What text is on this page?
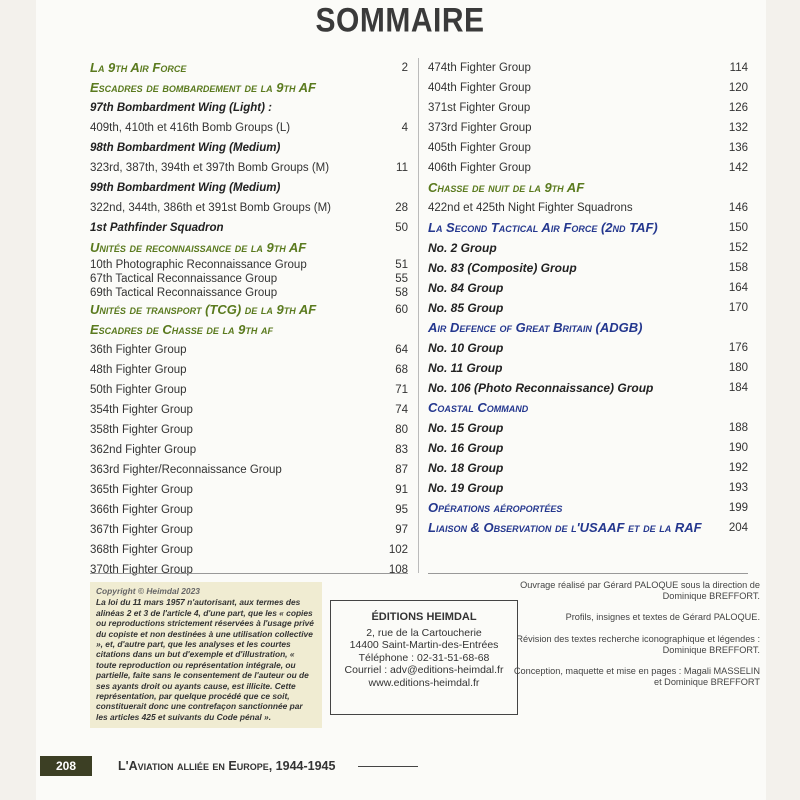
SOMMAIRE
La 9th Air Force	2
Escadres de bombardement de la 9th AF
97th Bombardment Wing (Light) :
409th, 410th et 416th Bomb Groups (L)	4
98th Bombardment Wing (Medium)
323rd, 387th, 394th et 397th Bomb Groups (M)	11
99th Bombardment Wing (Medium)
322nd, 344th, 386th et 391st Bomb Groups (M)	28
1st Pathfinder Squadron	50
Unités de reconnaissance de la 9th AF
10th Photographic Reconnaissance Group	51
67th Tactical Reconnaissance Group	55
69th Tactical Reconnaissance Group	58
Unités de transport (TCG) de la 9th AF	60
Escadres de Chasse de la 9th af
36th Fighter Group	64
48th Fighter Group	68
50th Fighter Group	71
354th Fighter Group	74
358th Fighter Group	80
362nd Fighter Group	83
363rd Fighter/Reconnaissance Group	87
365th Fighter Group	91
366th Fighter Group	95
367th Fighter Group	97
368th Fighter Group	102
370th Fighter Group	108
474th Fighter Group	114
404th Fighter Group	120
371st Fighter Group	126
373rd Fighter Group	132
405th Fighter Group	136
406th Fighter Group	142
Chasse de nuit de la 9th AF
422nd et 425th Night Fighter Squadrons	146
La Second Tactical Air Force (2nd TAF)	150
No. 2 Group	152
No. 83 (Composite) Group	158
No. 84 Group	164
No. 85 Group	170
Air Defence of Great Britain (ADGB)
No. 10 Group	176
No. 11 Group	180
No. 106 (Photo Reconnaissance) Group	184
Coastal Command
No. 15 Group	188
No. 16 Group	190
No. 18 Group	192
No. 19 Group	193
Opérations aéroportées	199
Liaison & Observation de l'USAAF et de la RAF 204
Copyright © Heimdal 2023
La loi du 11 mars 1957 n'autorisant, aux termes des alinéas 2 et 3 de l'article 4, d'une part, que les « copies ou reproductions strictement réservées à l'usage privé du copiste et non destinées à une utilisation collective », et, d'autre part, que les analyses et les courtes citations dans un but d'exemple et d'illustration, « toute reproduction ou représentation intégrale, ou partielle, faite sans le consentement de l'auteur ou de ses ayants droit ou ayants cause, est illicite. Cette représentation, par quelque procédé que ce soit, constituerait donc une contrefaçon sanctionnée par les articles 425 et suivants du Code pénal ».
ÉDITIONS HEIMDAL
2, rue de la Cartoucherie
14400 Saint-Martin-des-Entrées
Téléphone : 02-31-51-68-68
Courriel : adv@editions-heimdal.fr
www.editions-heimdal.fr
Ouvrage réalisé par Gérard PALOQUE sous la direction de Dominique BREFFORT.
Profils, insignes et textes de Gérard PALOQUE.
Révision des textes recherche iconographique et légendes : Dominique BREFFORT.
Conception, maquette et mise en pages : Magali MASSELIN et Dominique BREFFORT
208	L'Aviation alliée en Europe, 1944-1945
